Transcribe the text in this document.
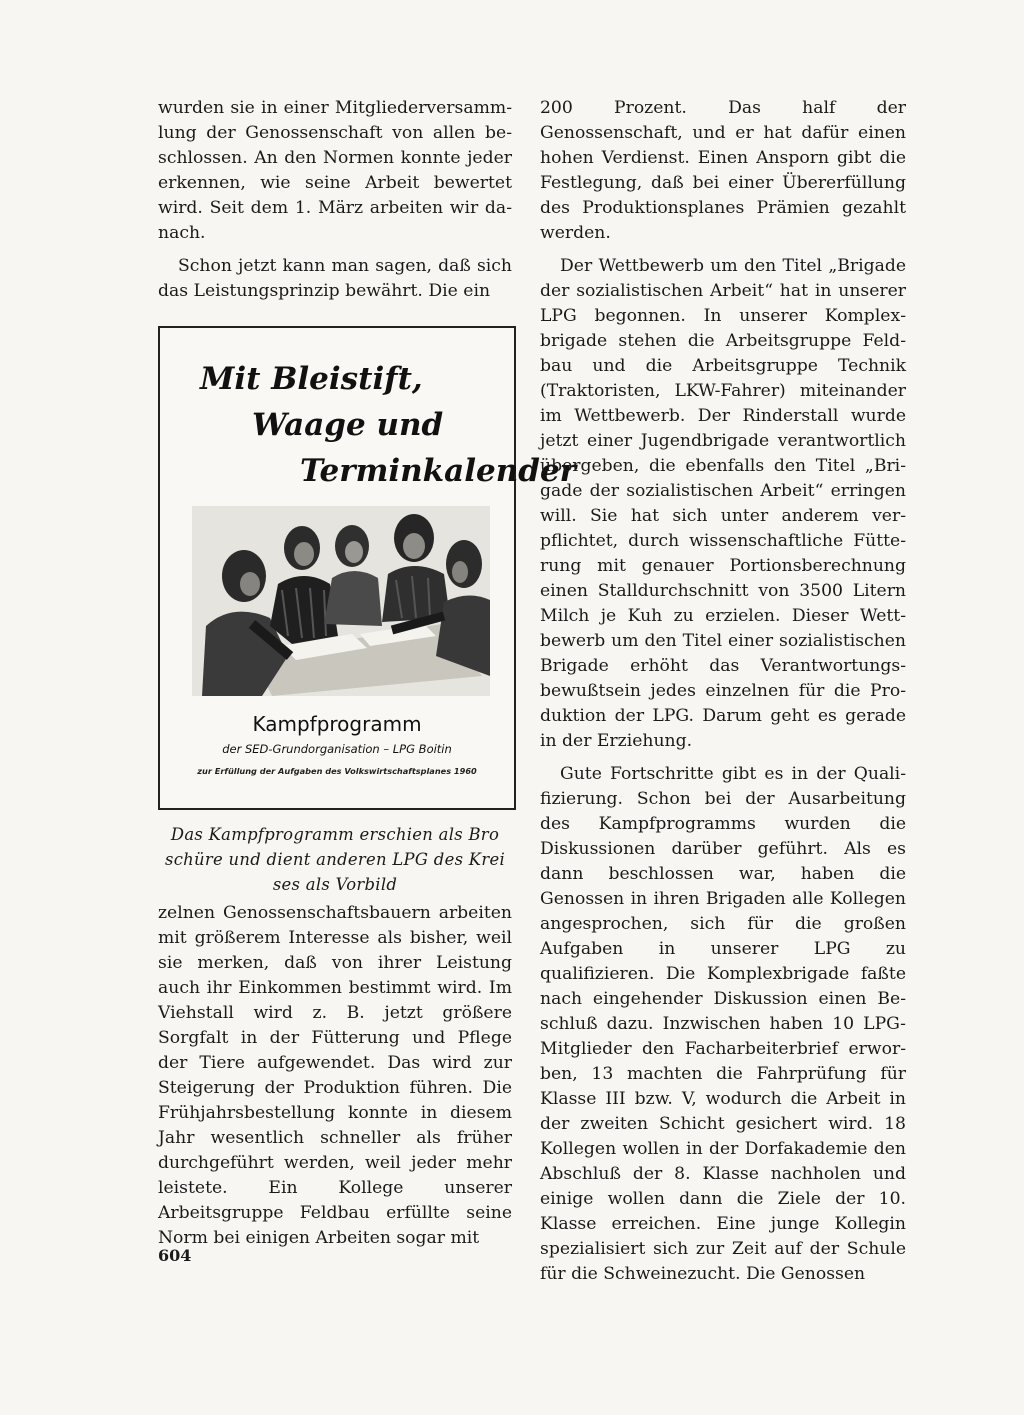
wurden sie in einer Mitgliederversammlung der Genossenschaft von allen beschlossen. An den Normen konnte jeder erkennen, wie seine Arbeit bewertet wird. Seit dem 1. März arbeiten wir danach.

Schon jetzt kann man sagen, daß sich das Leistungsprinzip bewährt. Die ein

Mit Bleistift,
Waage und
Terminkalender
Kampfprogramm
der SED-Grundorganisation – LPG Boitin
zur Erfüllung der Aufgaben des Volkswirtschaftsplanes 1960
Das Kampfprogramm erschien als Bro
schüre und dient anderen LPG des Krei
ses als Vorbild

zelnen Genossenschaftsbauern arbeiten mit größerem Interesse als bisher, weil sie merken, daß von ihrer Leistung auch ihr Einkommen bestimmt wird. Im Viehstall wird z. B. jetzt größere Sorgfalt in der Fütterung und Pflege der Tiere aufgewendet. Das wird zur Steigerung der Produktion führen. Die Frühjahrsbestellung konnte in diesem Jahr wesentlich schneller als früher durchgeführt werden, weil jeder mehr leistete. Ein Kollege unserer Arbeitsgruppe Feldbau erfüllte seine Norm bei einigen Arbeiten sogar mit

200 Prozent. Das half der Genossenschaft, und er hat dafür einen hohen Verdienst. Einen Ansporn gibt die Festlegung, daß bei einer Übererfüllung des Produktionsplanes Prämien gezahlt werden.

Der Wettbewerb um den Titel „Brigade der sozialistischen Arbeit“ hat in unserer LPG begonnen. In unserer Komplexbrigade stehen die Arbeitsgruppe Feldbau und die Arbeitsgruppe Technik (Traktoristen, LKW-Fahrer) miteinander im Wettbewerb. Der Rinderstall wurde jetzt einer Jugendbrigade verantwortlich übergeben, die ebenfalls den Titel „Brigade der sozialistischen Arbeit“ erringen will. Sie hat sich unter anderem verpflichtet, durch wissenschaftliche Fütterung mit genauer Portionsberechnung einen Stalldurchschnitt von 3500 Litern Milch je Kuh zu erzielen. Dieser Wettbewerb um den Titel einer sozialistischen Brigade erhöht das Verantwortungsbewußtsein jedes einzelnen für die Produktion der LPG. Darum geht es gerade in der Erziehung.

Gute Fortschritte gibt es in der Qualifizierung. Schon bei der Ausarbeitung des Kampfprogramms wurden die Diskussionen darüber geführt. Als es dann beschlossen war, haben die Genossen in ihren Brigaden alle Kollegen angesprochen, sich für die großen Aufgaben in unserer LPG zu qualifizieren. Die Komplexbrigade faßte nach eingehender Diskussion einen Beschluß dazu. Inzwischen haben 10 LPG-Mitglieder den Facharbeiterbrief erworben, 13 machten die Fahrprüfung für Klasse III bzw. V, wodurch die Arbeit in der zweiten Schicht gesichert wird. 18 Kollegen wollen in der Dorfakademie den Abschluß der 8. Klasse nachholen und einige wollen dann die Ziele der 10. Klasse erreichen. Eine junge Kollegin spezialisiert sich zur Zeit auf der Schule für die Schweinezucht. Die Genossen

604
